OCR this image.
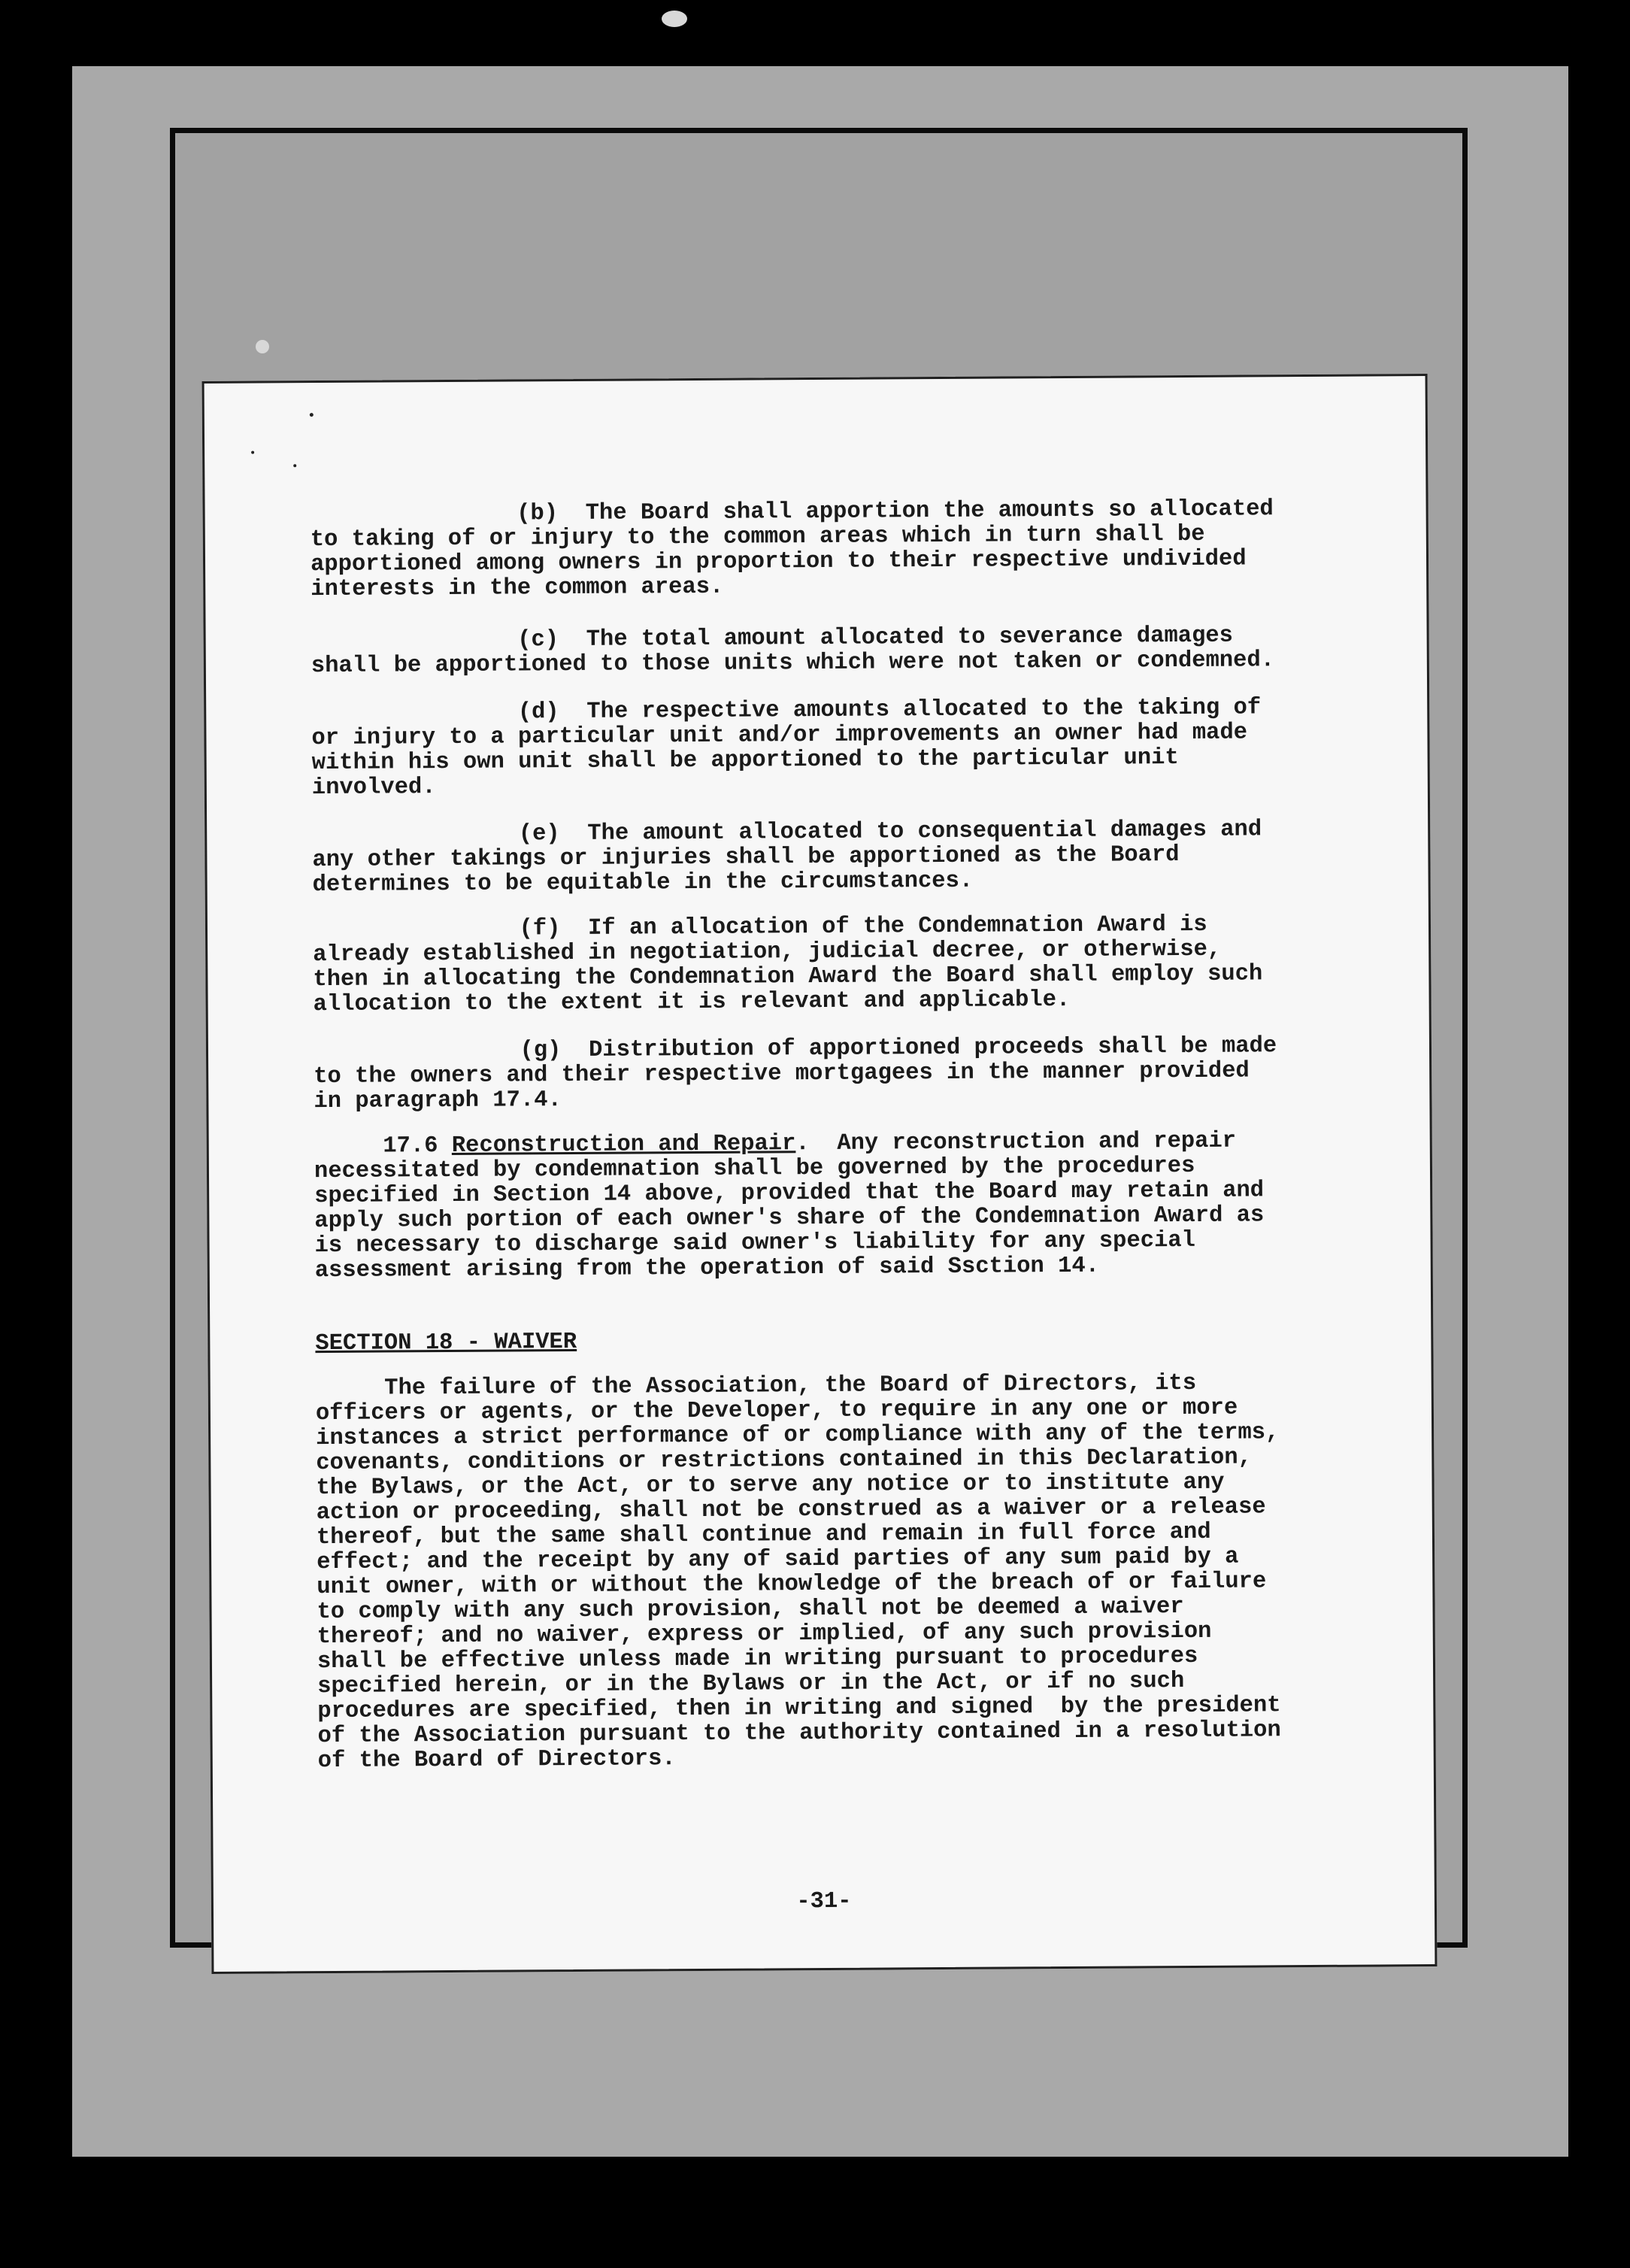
(b)  The Board shall apportion the amounts so allocated
to taking of or injury to the common areas which in turn shall be
apportioned among owners in proportion to their respective undivided
interests in the common areas.

(c)  The total amount allocated to severance damages
shall be apportioned to those units which were not taken or condemned.

(d)  The respective amounts allocated to the taking of
or injury to a particular unit and/or improvements an owner had made
within his own unit shall be apportioned to the particular unit
involved.

(e)  The amount allocated to consequential damages and
any other takings or injuries shall be apportioned as the Board
determines to be equitable in the circumstances.

(f)  If an allocation of the Condemnation Award is
already established in negotiation, judicial decree, or otherwise,
then in allocating the Condemnation Award the Board shall employ such
allocation to the extent it is relevant and applicable.

(g)  Distribution of apportioned proceeds shall be made
to the owners and their respective mortgagees in the manner provided
in paragraph 17.4.

17.6 Reconstruction and Repair.  Any reconstruction and repair
necessitated by condemnation shall be governed by the procedures
specified in Section 14 above, provided that the Board may retain and
apply such portion of each owner's share of the Condemnation Award as
is necessary to discharge said owner's liability for any special
assessment arising from the operation of said Ssction 14.

SECTION 18 - WAIVER

The failure of the Association, the Board of Directors, its
officers or agents, or the Developer, to require in any one or more
instances a strict performance of or compliance with any of the terms,
covenants, conditions or restrictions contained in this Declaration,
the Bylaws, or the Act, or to serve any notice or to institute any
action or proceeding, shall not be construed as a waiver or a release
thereof, but the same shall continue and remain in full force and
effect; and the receipt by any of said parties of any sum paid by a
unit owner, with or without the knowledge of the breach of or failure
to comply with any such provision, shall not be deemed a waiver
thereof; and no waiver, express or implied, of any such provision
shall be effective unless made in writing pursuant to procedures
specified herein, or in the Bylaws or in the Act, or if no such
procedures are specified, then in writing and signed  by the president
of the Association pursuant to the authority contained in a resolution
of the Board of Directors.

-31-
